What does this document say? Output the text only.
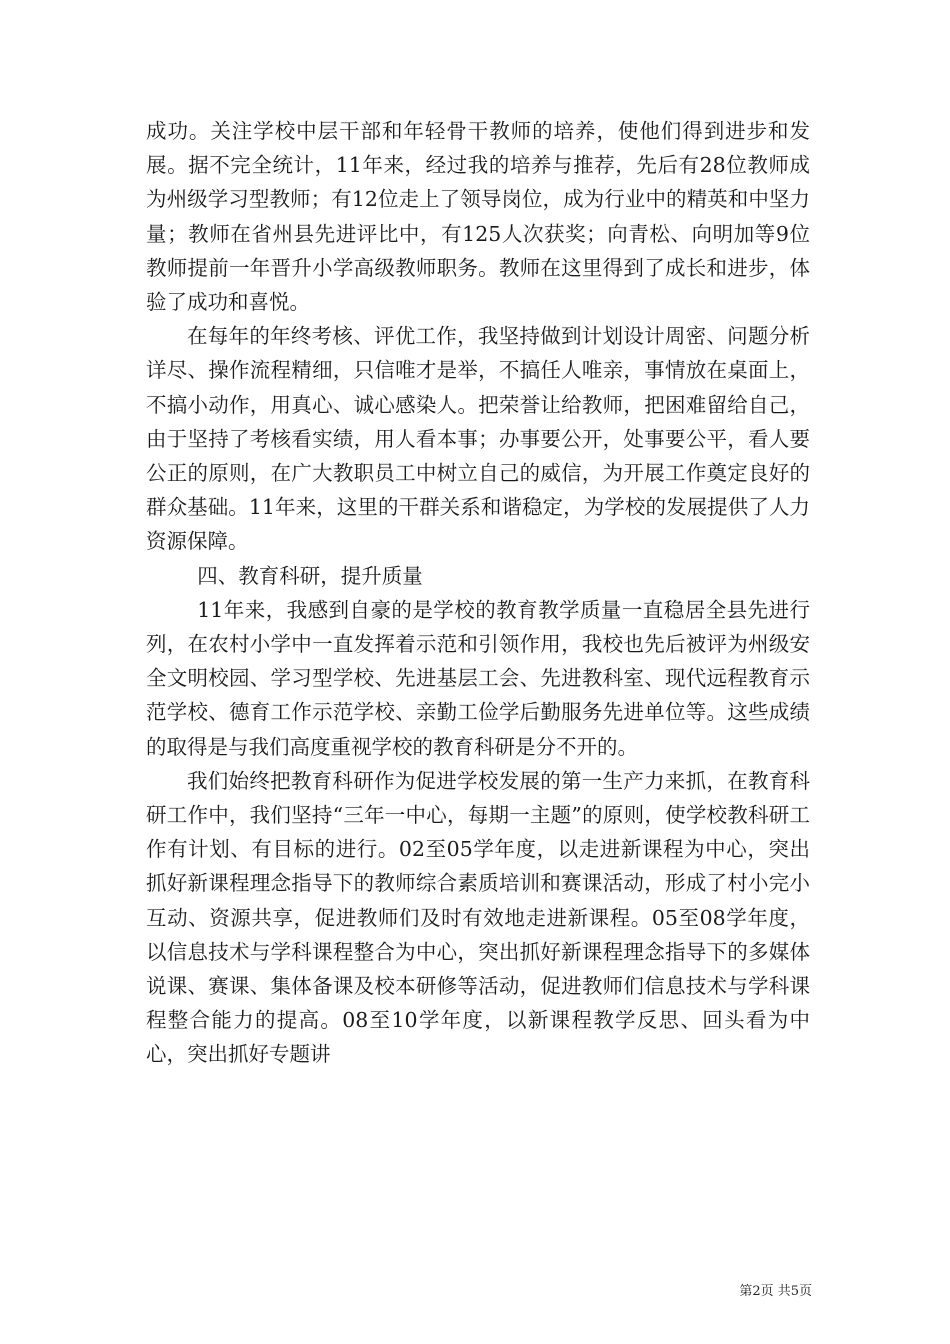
成功。关注学校中层干部和年轻骨干教师的培养，使他们得到进步和发展。据不完全统计，11年来，经过我的培养与推荐，先后有28位教师成为州级学习型教师；有12位走上了领导岗位，成为行业中的精英和中坚力量；教师在省州县先进评比中，有125人次获奖；向青松、向明加等9位教师提前一年晋升小学高级教师职务。教师在这里得到了成长和进步，体验了成功和喜悦。

在每年的年终考核、评优工作，我坚持做到计划设计周密、问题分析详尽、操作流程精细，只信唯才是举，不搞任人唯亲，事情放在桌面上，不搞小动作，用真心、诚心感染人。把荣誉让给教师，把困难留给自己，由于坚持了考核看实绩，用人看本事；办事要公开，处事要公平，看人要公正的原则，在广大教职员工中树立自己的威信，为开展工作奠定良好的群众基础。11年来，这里的干群关系和谐稳定，为学校的发展提供了人力资源保障。

四、教育科研，提升质量

11年来，我感到自豪的是学校的教育教学质量一直稳居全县先进行列，在农村小学中一直发挥着示范和引领作用，我校也先后被评为州级安全文明校园、学习型学校、先进基层工会、先进教科室、现代远程教育示范学校、德育工作示范学校、亲勤工俭学后勤服务先进单位等。这些成绩的取得是与我们高度重视学校的教育科研是分不开的。

我们始终把教育科研作为促进学校发展的第一生产力来抓，在教育科研工作中，我们坚持“三年一中心，每期一主题”的原则，使学校教科研工作有计划、有目标的进行。02至05学年度，以走进新课程为中心，突出抓好新课程理念指导下的教师综合素质培训和赛课活动，形成了村小完小互动、资源共享，促进教师们及时有效地走进新课程。05至08学年度，以信息技术与学科课程整合为中心，突出抓好新课程理念指导下的多媒体说课、赛课、集体备课及校本研修等活动，促进教师们信息技术与学科课程整合能力的提高。08至10学年度，以新课程教学反思、回头看为中心，突出抓好专题讲

第2页 共5页
